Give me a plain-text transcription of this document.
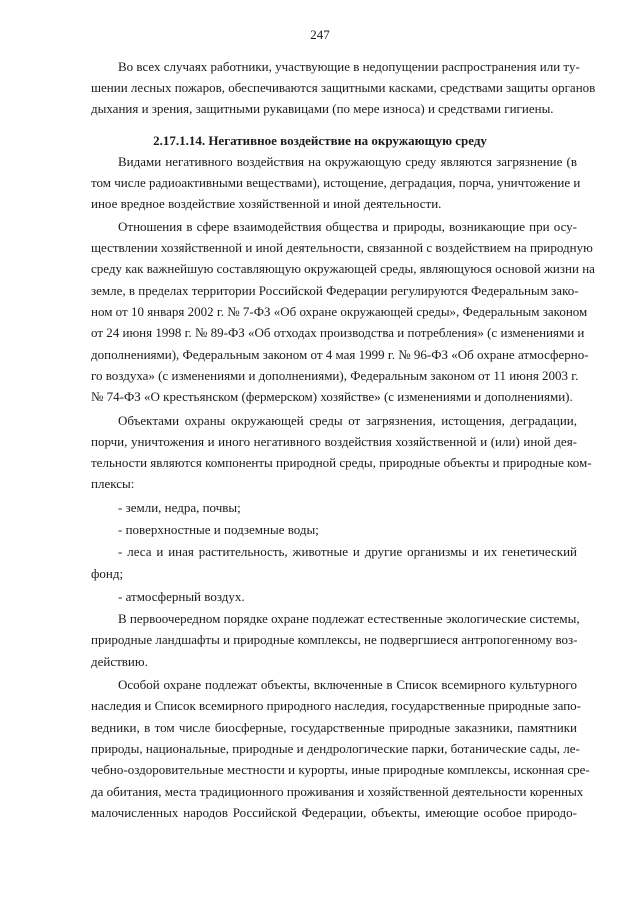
247
2.17.1.14. Негативное воздействие на окружающую среду
Во всех случаях работники, участвующие в недопущении распространения или ту-
шении лесных пожаров, обеспечиваются защитными касками, средствами защиты органов
дыхания и зрения, защитными рукавицами (по мере износа) и средствами гигиены.
Видами негативного воздействия на окружающую среду являются загрязнение (в
том числе радиоактивными веществами), истощение, деградация, порча, уничтожение и
иное вредное воздействие хозяйственной и иной деятельности.
Отношения в сфере взаимодействия общества и природы, возникающие при осу-
ществлении хозяйственной и иной деятельности, связанной с воздействием на природную
среду как важнейшую составляющую окружающей среды, являющуюся основой жизни на
земле, в пределах территории Российской Федерации регулируются Федеральным зако-
ном от 10 января 2002 г. № 7-ФЗ «Об охране окружающей среды», Федеральным законом
от 24 июня 1998 г. № 89-ФЗ «Об отходах производства и потребления» (с изменениями и
дополнениями), Федеральным законом от 4 мая 1999 г. № 96-ФЗ «Об охране атмосферно-
го воздуха» (с изменениями и дополнениями), Федеральным законом от 11 июня 2003 г.
№ 74-ФЗ «О крестьянском (фермерском) хозяйстве» (с изменениями и дополнениями).
Объектами охраны окружающей среды от загрязнения, истощения, деградации,
порчи, уничтожения и иного негативного воздействия хозяйственной и (или) иной дея-
тельности являются компоненты природной среды, природные объекты и природные ком-
плексы:
- земли, недра, почвы;
- поверхностные и подземные воды;
- леса и иная растительность, животные и другие организмы и их генетический
фонд;
- атмосферный воздух.
В первоочередном порядке охране подлежат естественные экологические системы,
природные ландшафты и природные комплексы, не подвергшиеся антропогенному воз-
действию.
Особой охране подлежат объекты, включенные в Список всемирного культурного
наследия и Список всемирного природного наследия, государственные природные запо-
ведники, в том числе биосферные, государственные природные заказники, памятники
природы, национальные, природные и дендрологические парки, ботанические сады, ле-
чебно-оздоровительные местности и курорты, иные природные комплексы, исконная сре-
да обитания, места традиционного проживания и хозяйственной деятельности коренных
малочисленных народов Российской Федерации, объекты, имеющие особое природо-
